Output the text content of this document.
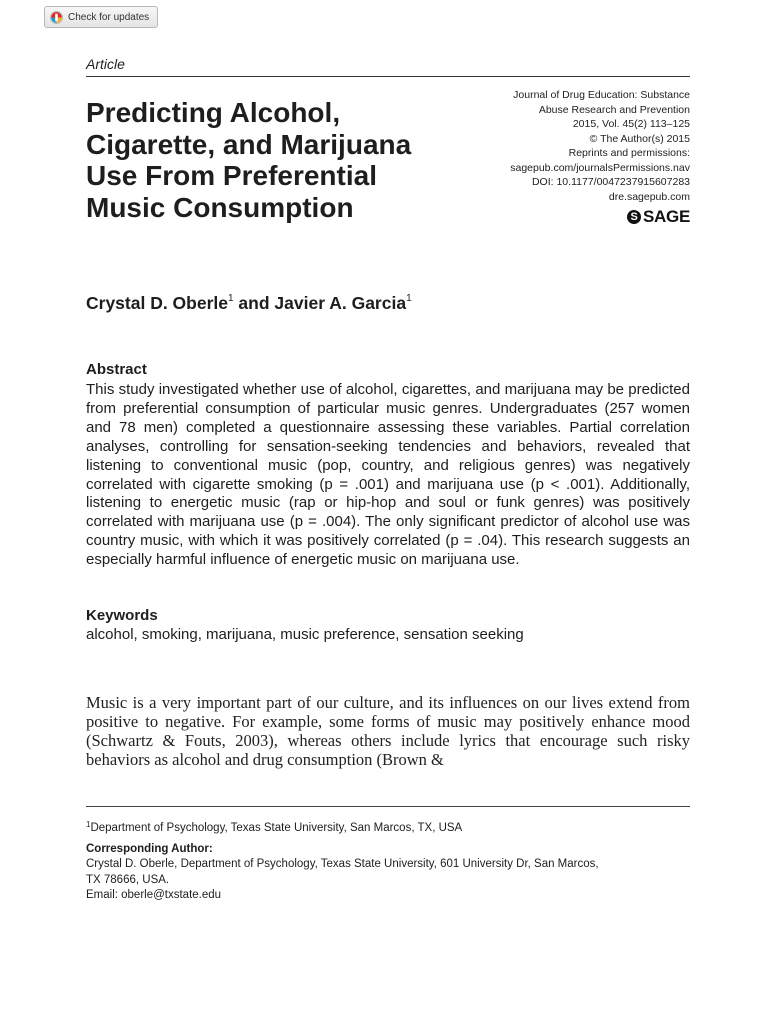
Check for updates
Article
Predicting Alcohol, Cigarette, and Marijuana Use From Preferential Music Consumption
Journal of Drug Education: Substance
Abuse Research and Prevention
2015, Vol. 45(2) 113–125
© The Author(s) 2015
Reprints and permissions:
sagepub.com/journalsPermissions.nav
DOI: 10.1177/0047237915607283
dre.sagepub.com
S SAGE
Crystal D. Oberle$^1$ and Javier A. Garcia$^1$
Abstract

This study investigated whether use of alcohol, cigarettes, and marijuana may be predicted from preferential consumption of particular music genres. Undergraduates (257 women and 78 men) completed a questionnaire assessing these variables. Partial correlation analyses, controlling for sensation-seeking tendencies and behaviors, revealed that listening to conventional music (pop, country, and religious genres) was negatively correlated with cigarette smoking (p = .001) and marijuana use (p < .001). Additionally, listening to energetic music (rap or hip-hop and soul or funk genres) was positively correlated with marijuana use (p = .004). The only significant predictor of alcohol use was country music, with which it was positively correlated (p = .04). This research suggests an especially harmful influence of energetic music on marijuana use.

Keywords
alcohol, smoking, marijuana, music preference, sensation seeking

Music is a very important part of our culture, and its influences on our lives extend from positive to negative. For example, some forms of music may positively enhance mood (Schwartz & Fouts, 2003), whereas others include lyrics that encourage such risky behaviors as alcohol and drug consumption (Brown &

$^1$Department of Psychology, Texas State University, San Marcos, TX, USA
Corresponding Author:
Crystal D. Oberle, Department of Psychology, Texas State University, 601 University Dr, San Marcos,
TX 78666, USA.
Email: oberle@txstate.edu
